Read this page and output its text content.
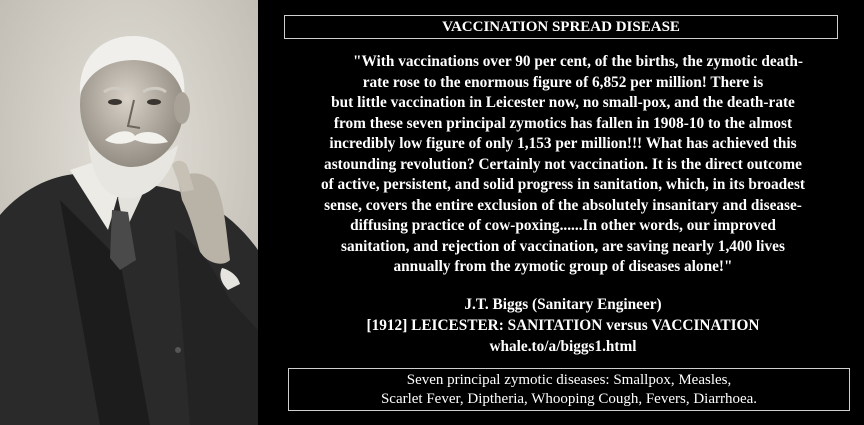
VACCINATION SPREAD DISEASE

"With vaccinations over 90 per cent, of the births, the zymotic death-

rate rose to the enormous figure of 6,852 per million! There is

but little vaccination in Leicester now, no small-pox, and the death-rate

from these seven principal zymotics has fallen in 1908-10 to the almost

incredibly low figure of only 1,153 per million!!! What has achieved this

astounding revolution? Certainly not vaccination. It is the direct outcome

of active, persistent, and solid progress in sanitation, which, in its broadest

sense, covers the entire exclusion of the absolutely insanitary and disease-

diffusing practice of cow-poxing......In other words, our improved

sanitation, and rejection of vaccination, are saving nearly 1,400 lives

annually from the zymotic group of diseases alone!"

J.T. Biggs (Sanitary Engineer)
[1912] LEICESTER: SANITATION versus VACCINATION
whale.to/a/biggs1.html
Seven principal zymotic diseases: Smallpox, Measles,
Scarlet Fever, Diptheria, Whooping Cough, Fevers, Diarrhoea.
